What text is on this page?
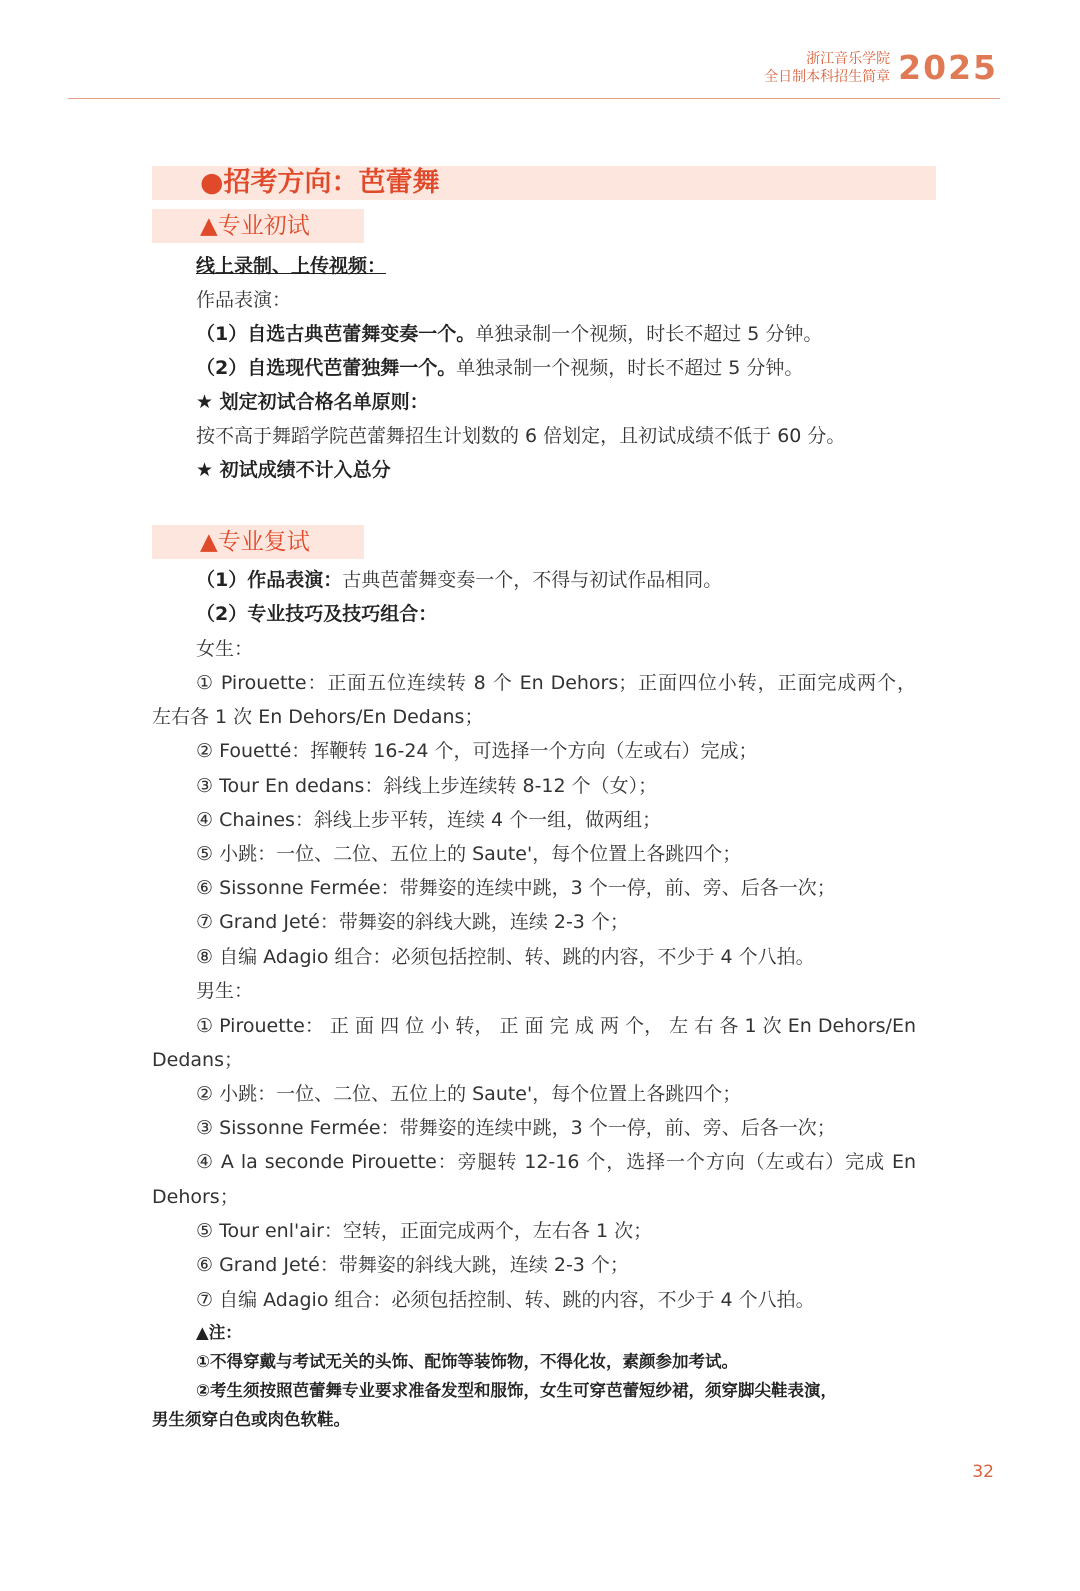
浙江音乐学院
全日制本科招生简章 2025
●招考方向：芭蕾舞
▲专业初试
线上录制、上传视频：
作品表演：
（1）自选古典芭蕾舞变奏一个。单独录制一个视频，时长不超过 5 分钟。
（2）自选现代芭蕾独舞一个。单独录制一个视频，时长不超过 5 分钟。
★ 划定初试合格名单原则：
按不高于舞蹈学院芭蕾舞招生计划数的 6 倍划定，且初试成绩不低于 60 分。
★ 初试成绩不计入总分
▲专业复试
（1）作品表演：古典芭蕾舞变奏一个，不得与初试作品相同。
（2）专业技巧及技巧组合：
女生：
① Pirouette：正面五位连续转 8 个 En Dehors；正面四位小转，正面完成两个，
左右各 1 次 En Dehors/En Dedans；
② Fouetté：挥鞭转 16-24 个，可选择一个方向（左或右）完成；
③ Tour En dedans：斜线上步连续转 8-12 个（女）；
④ Chaines：斜线上步平转，连续 4 个一组，做两组；
⑤ 小跳：一位、二位、五位上的 Saute'，每个位置上各跳四个；
⑥ Sissonne Fermée：带舞姿的连续中跳，3 个一停，前、旁、后各一次；
⑦ Grand Jeté：带舞姿的斜线大跳，连续 2-3 个；
⑧ 自编 Adagio 组合：必须包括控制、转、跳的内容，不少于 4 个八拍。
男生：
① Pirouette： 正 面 四 位 小 转， 正 面 完 成 两 个， 左 右 各 1 次 En Dehors/En
Dedans；
② 小跳：一位、二位、五位上的 Saute'，每个位置上各跳四个；
③ Sissonne Fermée：带舞姿的连续中跳，3 个一停，前、旁、后各一次；
④ A la seconde Pirouette：旁腿转 12-16 个，选择一个方向（左或右）完成 En
Dehors；
⑤ Tour enl'air：空转，正面完成两个，左右各 1 次；
⑥ Grand Jeté：带舞姿的斜线大跳，连续 2-3 个；
⑦ 自编 Adagio 组合：必须包括控制、转、跳的内容，不少于 4 个八拍。
▲注：
①不得穿戴与考试无关的头饰、配饰等装饰物，不得化妆，素颜参加考试。
②考生须按照芭蕾舞专业要求准备发型和服饰，女生可穿芭蕾短纱裙，须穿脚尖鞋表演，
男生须穿白色或肉色软鞋。
32
